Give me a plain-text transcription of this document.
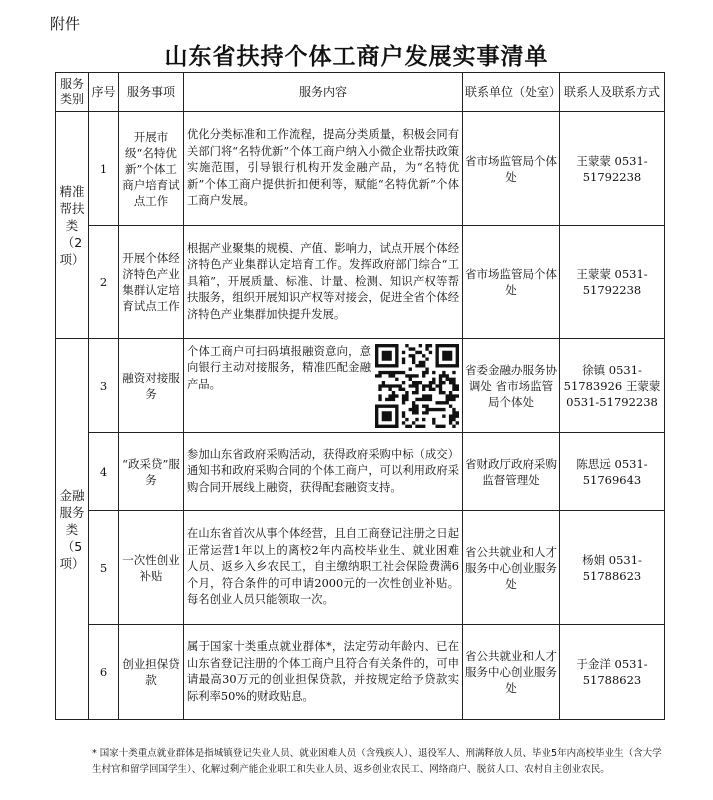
附件
山东省扶持个体工商户发展实事清单
服务类别	序号	服务事项	服务内容	联系单位（处室）	联系人及联系方式
精准帮扶类（2项）	1	开展市级“名特优新”个体工商户培育试点工作	优化分类标准和工作流程，提高分类质量，积极会同有关部门将“名特优新”个体工商户纳入小微企业帮扶政策实施范围，引导银行机构开发金融产品，为“名特优新”个体工商户提供折扣便利等，赋能“名特优新”个体工商户发展。	省市场监管局个体处	王蒙蒙 0531-51792238
	2	开展个体经济特色产业集群认定培育试点工作	根据产业聚集的规模、产值、影响力，试点开展个体经济特色产业集群认定培育工作。发挥政府部门综合“工具箱”，开展质量、标准、计量、检测、知识产权等帮扶服务，组织开展知识产权等对接会，促进全省个体经济特色产业集群加快提升发展。	省市场监管局个体处	王蒙蒙 0531-51792238
金融服务类（5项）	3	融资对接服务	个体工商户可扫码填报融资意向，意向银行主动对接服务，精准匹配金融产品。	省委金融办服务协调处 省市场监管局个体处	徐镇 0531-51783926 王蒙蒙 0531-51792238
	4	“政采贷”服务	参加山东省政府采购活动，获得政府采购中标（成交）通知书和政府采购合同的个体工商户，可以利用政府采购合同开展线上融资，获得配套融资支持。	省财政厅政府采购监督管理处	陈思远 0531-51769643
	5	一次性创业补贴	在山东省首次从事个体经营，且自工商登记注册之日起正常运营1年以上的离校2年内高校毕业生、就业困难人员、返乡入乡农民工，自主缴纳职工社会保险费满6个月，符合条件的可申请2000元的一次性创业补贴。每名创业人员只能领取一次。	省公共就业和人才服务中心创业服务处	杨娟 0531-51788623
	6	创业担保贷款	属于国家十类重点就业群体*，法定劳动年龄内、已在山东省登记注册的个体工商户且符合有关条件的，可申请最高30万元的创业担保贷款，并按规定给予贷款实际利率50%的财政贴息。	省公共就业和人才服务中心创业服务处	于金洋 0531-51788623
* 国家十类重点就业群体是指城镇登记失业人员、就业困难人员（含残疾人）、退役军人、刑满释放人员、毕业5年内高校毕业生（含大学生村官和留学回国学生）、化解过剩产能企业职工和失业人员、返乡创业农民工、网络商户、脱贫人口、农村自主创业农民。
